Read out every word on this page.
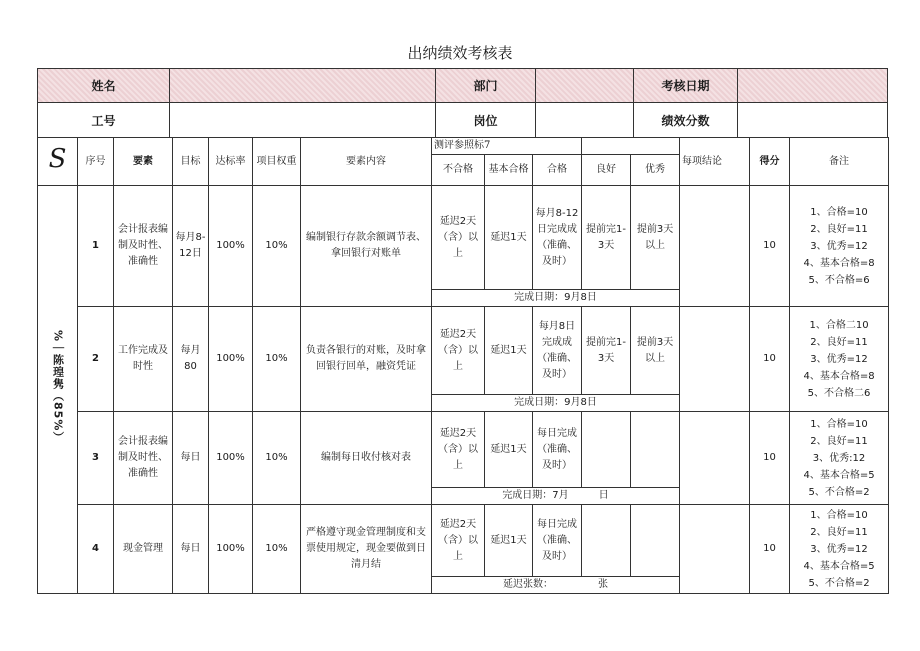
出纳绩效考核表
姓名	部门	考核日期
工号	岗位	绩效分数
S	序号	要素	目标	达标率	项目权重	要素内容	测评参照标7					每项结论	得分	备注
							不合格	基本合格	合格	良好	优秀			
%｜陈瑝隽（85%）	1	会计报表编制及时性、准确性	每月8-12日	100%	10%	编制银行存款余额调节表、拿回银行对账单	延迟2天（含）以上	延迟1天	每月8-12日完成成（准确、及时）	提前完1-3天	提前3天以上		10	1、合格=10
2、良好=11
3、优秀=12
4、基本合格=8
5、不合格=6

							完成日期：9月8日							
	2	工作完成及时性	每月80	100%	10%	负责各银行的对账，及时拿回银行回单，融资凭证	延迟2天（含）以上	延迟1天	每月8日完成成（准确、及时）	提前完1-3天	提前3天以上		10	1、合格二10
2、良好=11
3、优秀=12
4、基本合格=8
5、不合格二6

							完成日期：9月8日							
	3	会计报表编制及时性、准确性	每日	100%	10%	编制每日收付核对表	延迟2天（含）以上	延迟1天	每日完成（准确、及时）				10	1、合格=10
2、良好=11
3、优秀:12
4、基本合格=5
5、不合格=2

							完成日期：7月　　　日							
	4	现金管理	每日	100%	10%	严格遵守现金管理制度和支票使用规定，现金要做到日清月结	延迟2天（含）以上	延迟1天	每日完成（准确、及时）				10	1、合格=10
2、良好=11
3、优秀=12
4、基本合格=5
5、不合格=2

							延迟张数：　　　　　张							
